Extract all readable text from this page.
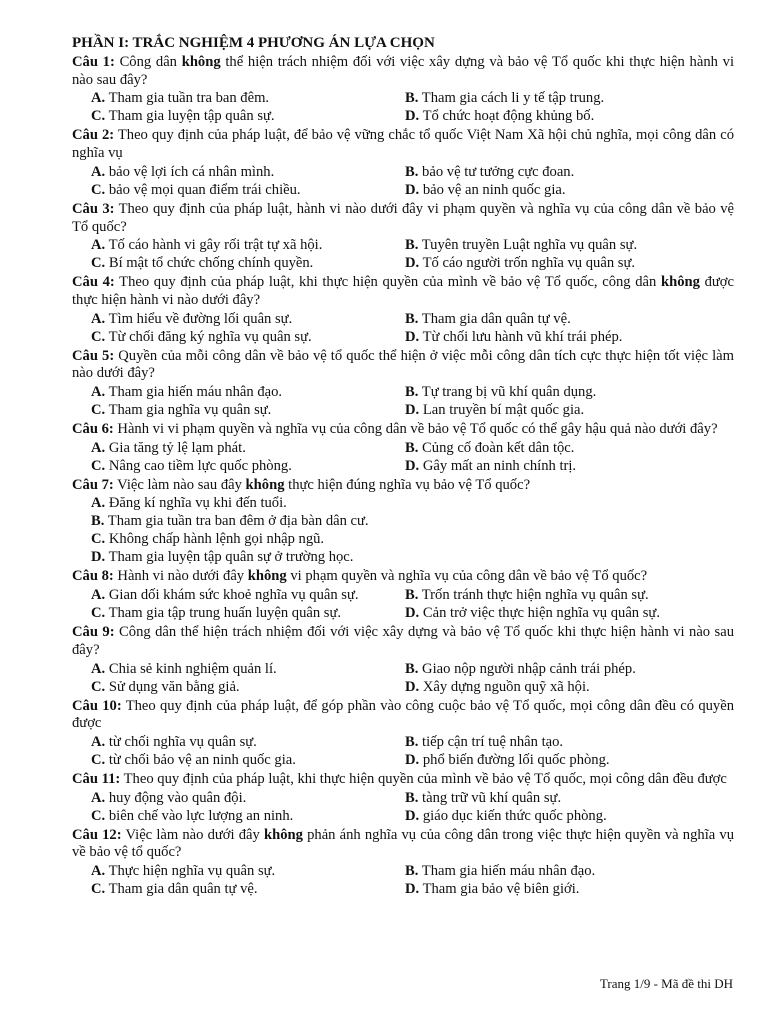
PHẦN I: TRẮC NGHIỆM 4 PHƯƠNG ÁN LỰA CHỌN
Câu 1: Công dân không thể hiện trách nhiệm đối với việc xây dựng và bảo vệ Tổ quốc khi thực hiện hành vi nào sau đây?
A. Tham gia tuần tra ban đêm.	B. Tham gia cách li y tế tập trung.
C. Tham gia luyện tập quân sự.	D. Tổ chức hoạt động khủng bố.
Câu 2: Theo quy định của pháp luật, để bảo vệ vững chắc tổ quốc Việt Nam Xã hội chủ nghĩa, mọi công dân có nghĩa vụ
A. bảo vệ lợi ích cá nhân mình.	B. bảo vệ tư tưởng cực đoan.
C. bảo vệ mọi quan điểm trái chiều.	D. bảo vệ an ninh quốc gia.
Câu 3: Theo quy định của pháp luật, hành vi nào dưới đây vi phạm quyền và nghĩa vụ của công dân về bảo vệ Tổ quốc?
A. Tố cáo hành vi gây rối trật tự xã hội.	B. Tuyên truyền Luật nghĩa vụ quân sự.
C. Bí mật tổ chức chống chính quyền.	D. Tố cáo người trốn nghĩa vụ quân sự.
Câu 4: Theo quy định của pháp luật, khi thực hiện quyền của mình về bảo vệ Tổ quốc, công dân không được thực hiện hành vi nào dưới đây?
A. Tìm hiểu về đường lối quân sự.	B. Tham gia dân quân tự vệ.
C. Từ chối đăng ký nghĩa vụ quân sự.	D. Từ chối lưu hành vũ khí trái phép.
Câu 5: Quyền của mỗi công dân về bảo vệ tổ quốc thể hiện ở việc mỗi công dân tích cực thực hiện tốt việc làm nào dưới đây?
A. Tham gia hiến máu nhân đạo.	B. Tự trang bị vũ khí quân dụng.
C. Tham gia nghĩa vụ quân sự.	D. Lan truyền bí mật quốc gia.
Câu 6: Hành vi vi phạm quyền và nghĩa vụ của công dân về bảo vệ Tổ quốc có thể gây hậu quả nào dưới đây?
A. Gia tăng tỷ lệ lạm phát.	B. Củng cố đoàn kết dân tộc.
C. Nâng cao tiềm lực quốc phòng.	D. Gây mất an ninh chính trị.
Câu 7: Việc làm nào sau đây không thực hiện đúng nghĩa vụ bảo vệ Tổ quốc?
A. Đăng kí nghĩa vụ khi đến tuổi.
B. Tham gia tuần tra ban đêm ở địa bàn dân cư.
C. Không chấp hành lệnh gọi nhập ngũ.
D. Tham gia luyện tập quân sự ở trường học.
Câu 8: Hành vi nào dưới đây không vi phạm quyền và nghĩa vụ của công dân về bảo vệ Tổ quốc?
A. Gian dối khám sức khoẻ nghĩa vụ quân sự.	B. Trốn tránh thực hiện nghĩa vụ quân sự.
C. Tham gia tập trung huấn luyện quân sự.	D. Cản trở việc thực hiện nghĩa vụ quân sự.
Câu 9: Công dân thể hiện trách nhiệm đối với việc xây dựng và bảo vệ Tổ quốc khi thực hiện hành vi nào sau đây?
A. Chia sẻ kinh nghiệm quản lí.	B. Giao nộp người nhập cảnh trái phép.
C. Sử dụng văn bằng giả.	D. Xây dựng nguồn quỹ xã hội.
Câu 10: Theo quy định của pháp luật, để góp phần vào công cuộc bảo vệ Tổ quốc, mọi công dân đều có quyền được
A. từ chối nghĩa vụ quân sự.	B. tiếp cận trí tuệ nhân tạo.
C. từ chối bảo vệ an ninh quốc gia.	D. phổ biến đường lối quốc phòng.
Câu 11: Theo quy định của pháp luật, khi thực hiện quyền của mình về bảo vệ Tổ quốc, mọi công dân đều được
A. huy động vào quân đội.	B. tàng trữ vũ khí quân sự.
C. biên chế vào lực lượng an ninh.	D. giáo dục kiến thức quốc phòng.
Câu 12: Việc làm nào dưới đây không phản ánh nghĩa vụ của công dân trong việc thực hiện quyền và nghĩa vụ về bảo vệ tổ quốc?
A. Thực hiện nghĩa vụ quân sự.	B. Tham gia hiến máu nhân đạo.
C. Tham gia dân quân tự vệ.	D. Tham gia bảo vệ biên giới.
Trang 1/9 - Mã đề thi DH
